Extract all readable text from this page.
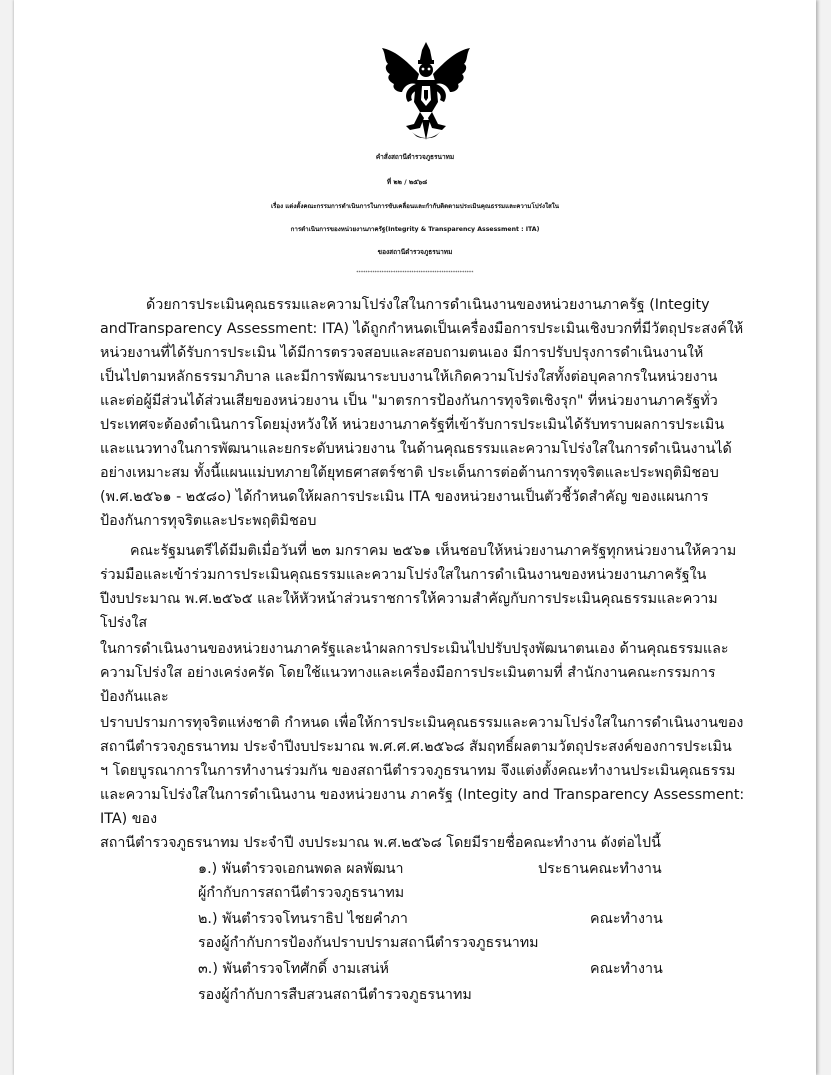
คำสั่งสถานีตำรวจภูธรนาทม
ที่ ๒๒ / ๒๕๖๘
เรื่อง แต่งตั้งคณะกรรมการดำเนินการในการขับเคลื่อนและกำกับติดตามประเมินคุณธรรมและความโปร่งใสใน
การดำเนินการของหน่วยงานภาครัฐ(Integrity & Transparency Assessment : ITA)
ของสถานีตำรวจภูธรนาทม
***************************************************
ด้วยการประเมินคุณธรรมและความโปร่งใสในการดำเนินงานของหน่วยงานภาครัฐ (Integity
andTransparency Assessment: ITA) ได้ถูกกำหนดเป็นเครื่องมือการประเมินเชิงบวกที่มีวัตถุประสงค์ให้
หน่วยงานที่ได้รับการประเมิน ได้มีการตรวจสอบและสอบถามตนเอง มีการปรับปรุงการดำเนินงานให้
เป็นไปตามหลักธรรมาภิบาล และมีการพัฒนาระบบงานให้เกิดความโปร่งใสทั้งต่อบุคลากรในหน่วยงาน
และต่อผู้มีส่วนได้ส่วนเสียของหน่วยงาน เป็น "มาตรการป้องกันการทุจริตเชิงรุก" ที่หน่วยงานภาครัฐทั่ว
ประเทศจะต้องดำเนินการโดยมุ่งหวังให้ หน่วยงานภาครัฐที่เข้ารับการประเมินได้รับทราบผลการประเมิน
และแนวทางในการพัฒนาและยกระดับหน่วยงาน ในด้านคุณธรรมและความโปร่งใสในการดำเนินงานได้
อย่างเหมาะสม ทั้งนี้แผนแม่บทภายใต้ยุทธศาสตร์ชาติ ประเด็นการต่อต้านการทุจริตและประพฤติมิชอบ
(พ.ศ.๒๕๖๑ - ๒๕๘๐) ได้กำหนดให้ผลการประเมิน ITA ของหน่วยงานเป็นตัวชี้วัดสำคัญ ของแผนการ
ป้องกันการทุจริตและประพฤติมิชอบ
คณะรัฐมนตรีได้มีมติเมื่อวันที่ ๒๓ มกราคม ๒๕๖๑ เห็นชอบให้หน่วยงานภาครัฐทุกหน่วยงานให้ความ
ร่วมมือและเข้าร่วมการประเมินคุณธรรมและความโปร่งใสในการดำเนินงานของหน่วยงานภาครัฐใน
ปีงบประมาณ พ.ศ.๒๕๖๕ และให้หัวหน้าส่วนราชการให้ความสำคัญกับการประเมินคุณธรรมและความ
โปร่งใส
ในการดำเนินงานของหน่วยงานภาครัฐและนำผลการประเมินไปปรับปรุงพัฒนาตนเอง ด้านคุณธรรมและ
ความโปร่งใส อย่างเคร่งครัด โดยใช้แนวทางและเครื่องมือการประเมินตามที่ สำนักงานคณะกรรมการ
ป้องกันและ
ปราบปรามการทุจริตแห่งชาติ กำหนด เพื่อให้การประเมินคุณธรรมและความโปร่งใสในการดำเนินงานของ
สถานีตำรวจภูธรนาทม ประจำปีงบประมาณ พ.ศ.ศ.ศ.๒๕๖๘ สัมฤทธิ์ผลตามวัตถุประสงค์ของการประเมิน
ฯ โดยบูรณาการในการทำงานร่วมกัน ของสถานีตำรวจภูธรนาทม จึงแต่งตั้งคณะทำงานประเมินคุณธรรม
และความโปร่งใสในการดำเนินงาน ของหน่วยงาน ภาครัฐ (Integity and Transparency Assessment:
ITA) ของ
สถานีตำรวจภูธรนาทม ประจำปี งบประมาณ พ.ศ.๒๕๖๘ โดยมีรายชื่อคณะทำงาน ดังต่อไปนี้
๑.) พันตำรวจเอกนพดล ผลพัฒนา	ประธานคณะทำงาน
ผู้กำกับการสถานีตำรวจภูธรนาทม
๒.) พันตำรวจโทนราธิป ไชยคำภา	คณะทำงาน
รองผู้กำกับการป้องกันปราบปรามสถานีตำรวจภูธรนาทม
๓.) พันตำรวจโทศักดิ์ งามเสน่ห์	คณะทำงาน
รองผู้กำกับการสืบสวนสถานีตำรวจภูธรนาทม
